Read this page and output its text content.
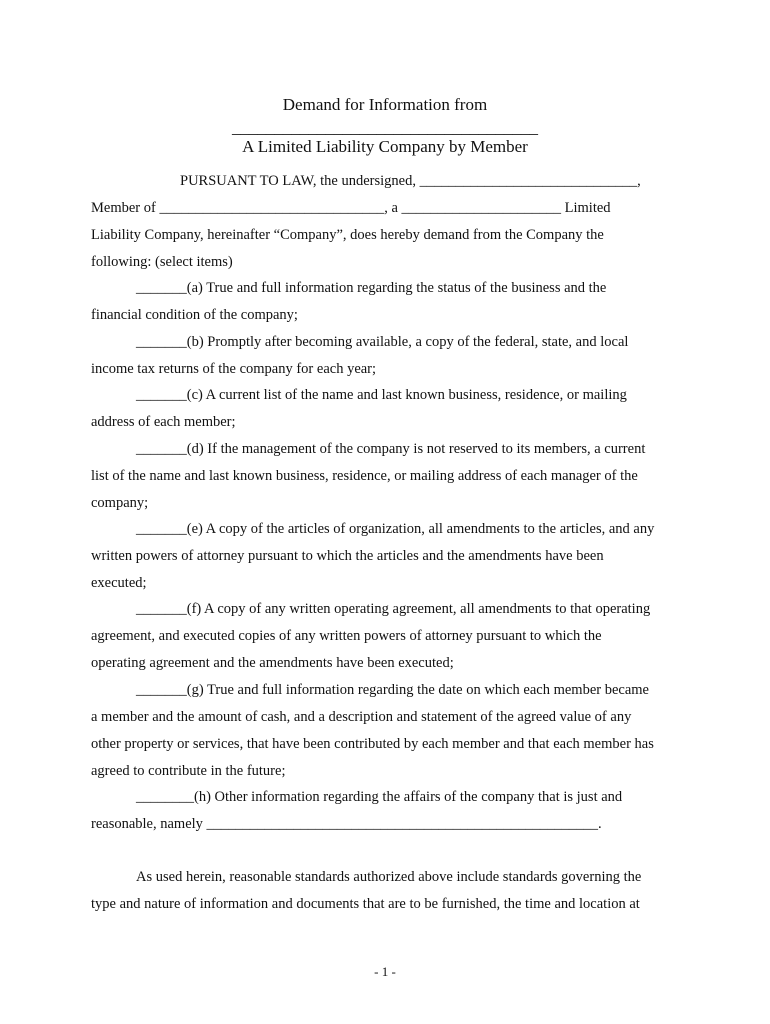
Demand for Information from
____________________________________
A Limited Liability Company by Member
PURSUANT TO LAW, the undersigned, ______________________________,
Member of _______________________________, a ______________________ Limited
Liability Company, hereinafter “Company”, does hereby demand from the Company the
following: (select items)
_______(a) True and full information regarding the status of the business and the
financial condition of the company;
_______(b) Promptly after becoming available, a copy of the federal, state, and local
income tax returns of the company for each year;
_______(c) A current list of the name and last known business, residence, or mailing
address of each member;
_______(d) If the management of the company is not reserved to its members, a current
list of the name and last known business, residence, or mailing address of each manager of the
company;
_______(e) A copy of the articles of organization, all amendments to the articles, and any
written powers of attorney pursuant to which the articles and the amendments have been
executed;
_______(f) A copy of any written operating agreement, all amendments to that operating
agreement, and executed copies of any written powers of attorney pursuant to which the
operating agreement and the amendments have been executed;
_______(g) True and full information regarding the date on which each member became
a member and the amount of cash, and a description and statement of the agreed value of any
other property or services, that have been contributed by each member and that each member has
agreed to contribute in the future;
________(h) Other information regarding the affairs of the company that is just and
reasonable, namely ______________________________________________________.
As used herein, reasonable standards authorized above include standards governing the
type and nature of information and documents that are to be furnished, the time and location at
- 1 -
